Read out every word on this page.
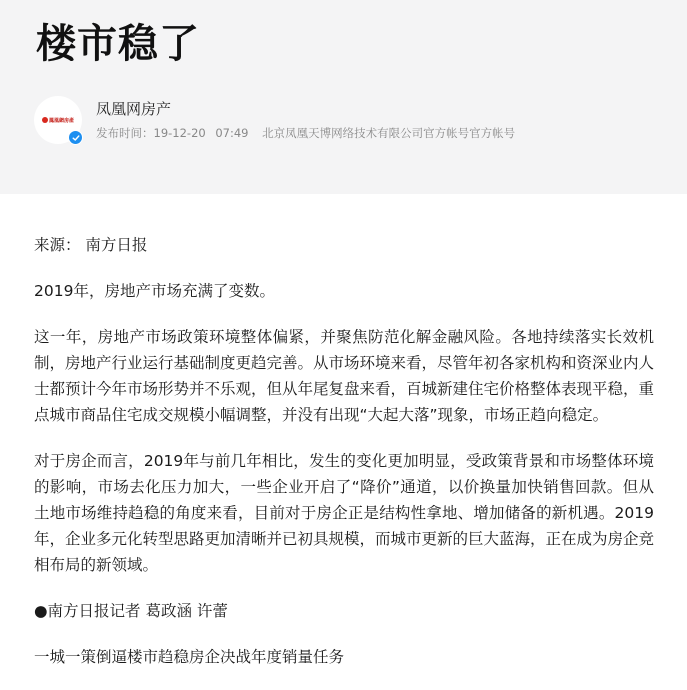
楼市稳了
鳳凰網房產
凤凰网房产
发布时间：19-12-20 07:49 北京凤凰天博网络技术有限公司官方帐号官方帐号

来源： 南方日报

2019年，房地产市场充满了变数。

这一年，房地产市场政策环境整体偏紧，并聚焦防范化解金融风险。各地持续落实长效机制，房地产行业运行基础制度更趋完善。从市场环境来看，尽管年初各家机构和资深业内人士都预计今年市场形势并不乐观，但从年尾复盘来看，百城新建住宅价格整体表现平稳，重点城市商品住宅成交规模小幅调整，并没有出现“大起大落”现象，市场正趋向稳定。

对于房企而言，2019年与前几年相比，发生的变化更加明显，受政策背景和市场整体环境的影响，市场去化压力加大，一些企业开启了“降价”通道，以价换量加快销售回款。但从土地市场维持趋稳的角度来看，目前对于房企正是结构性拿地、增加储备的新机遇。2019年，企业多元化转型思路更加清晰并已初具规模，而城市更新的巨大蓝海，正在成为房企竞相布局的新领域。

●南方日报记者 葛政涵 许蕾

一城一策倒逼楼市趋稳房企决战年度销量任务
